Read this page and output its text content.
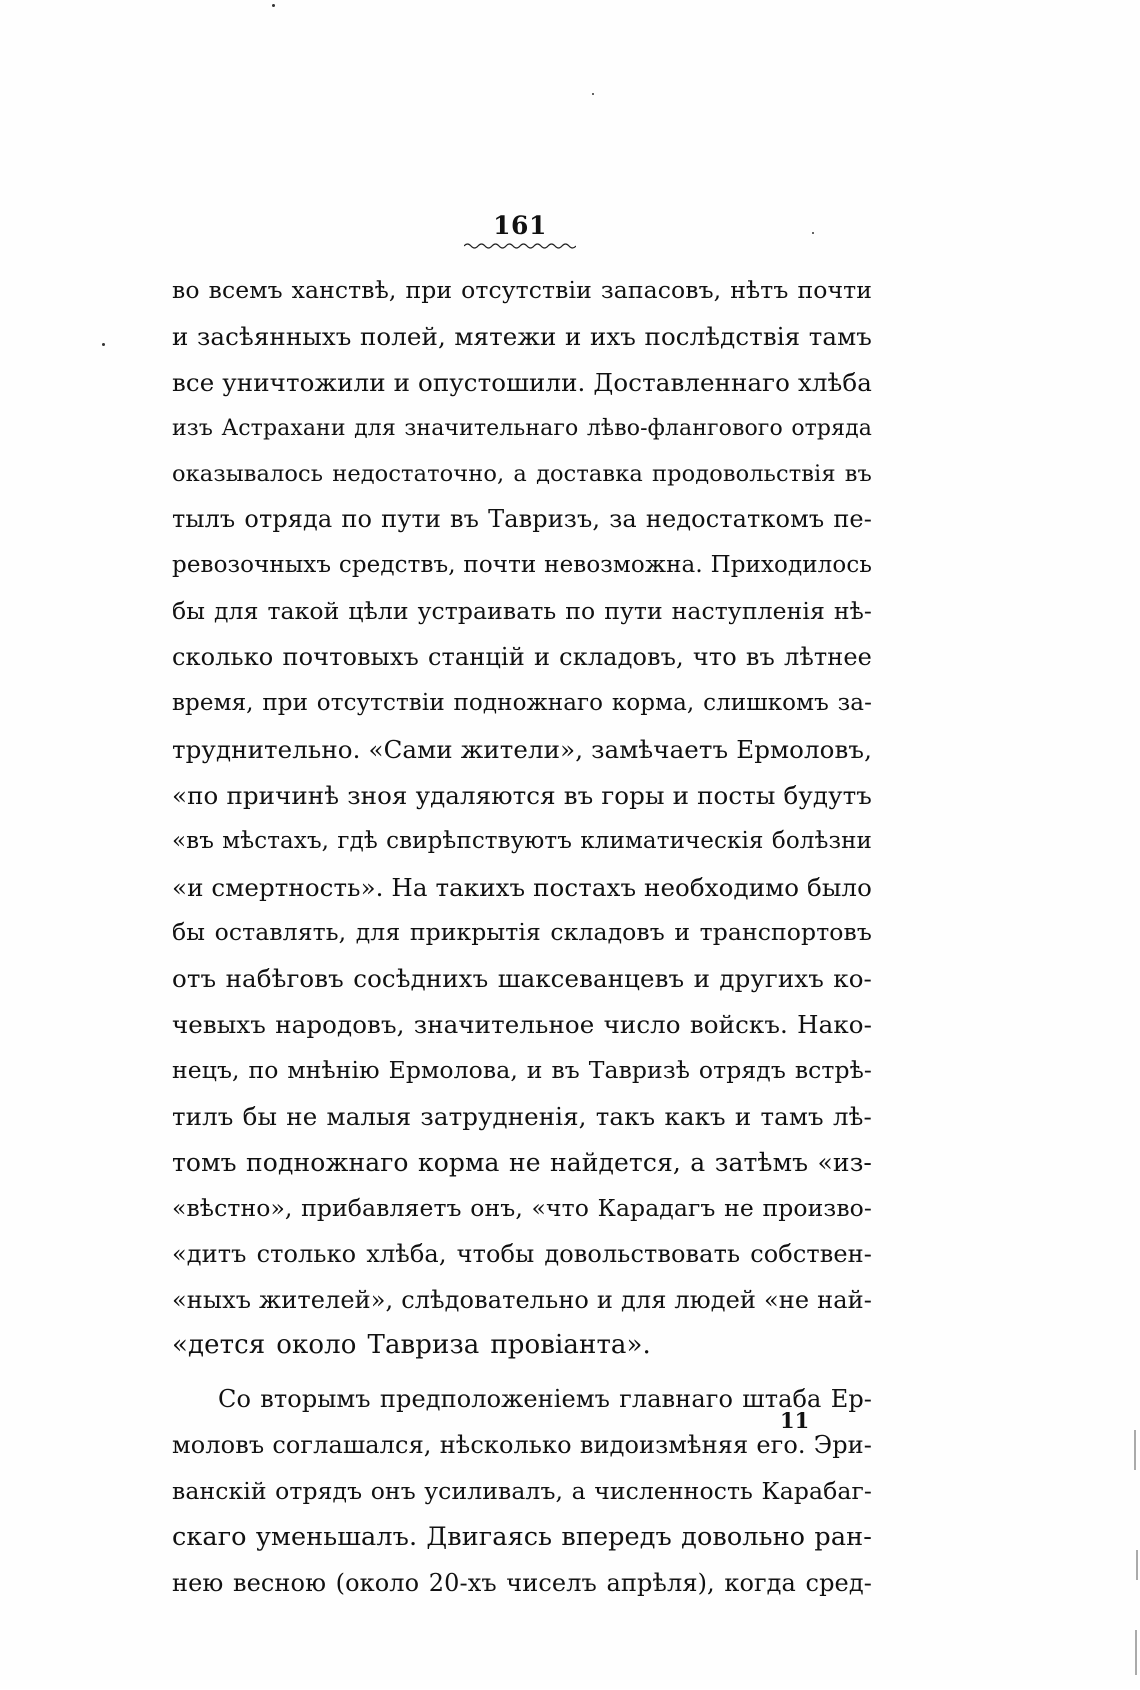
161
во всемъ ханствѣ, при отсутствіи запасовъ, нѣтъ почти
и засѣянныхъ полей, мятежи и ихъ послѣдствія тамъ
все уничтожили и опустошили. Доставленнаго хлѣба
изъ Астрахани для значительнаго лѣво-флангового отряда
оказывалось недостаточно, а доставка продовольствія въ
тылъ отряда по пути въ Тавризъ, за недостаткомъ пе-
ревозочныхъ средствъ, почти невозможна. Приходилось
бы для такой цѣли устраивать по пути наступленія нѣ-
сколько почтовыхъ станцій и складовъ, что въ лѣтнее
время, при отсутствіи подножнаго корма, слишкомъ за-
труднительно. «Сами жители», замѣчаетъ Ермоловъ,
«по причинѣ зноя удаляются въ горы и посты будутъ
«въ мѣстахъ, гдѣ свирѣпствуютъ климатическія болѣзни
«и смертность». На такихъ постахъ необходимо было
бы оставлять, для прикрытія складовъ и транспортовъ
отъ набѣговъ сосѣднихъ шаксеванцевъ и другихъ ко-
чевыхъ народовъ, значительное число войскъ. Нако-
нецъ, по мнѣнію Ермолова, и въ Тавризѣ отрядъ встрѣ-
тилъ бы не малыя затрудненія, такъ какъ и тамъ лѣ-
томъ подножнаго корма не найдется, а затѣмъ «из-
«вѣстно», прибавляетъ онъ, «что Карадагъ не произво-
«дитъ столько хлѣба, чтобы довольствовать собствен-
«ныхъ жителей», слѣдовательно и для людей «не най-
«дется около Тавриза провіанта».
Со вторымъ предположеніемъ главнаго штаба Ер-
моловъ соглашался, нѣсколько видоизмѣняя его. Эри-
ванскій отрядъ онъ усиливалъ, а численность Карабаг-
скаго уменьшалъ. Двигаясь впередъ довольно ран-
нею весною (около 20-хъ чиселъ апрѣля), когда сред-
11
